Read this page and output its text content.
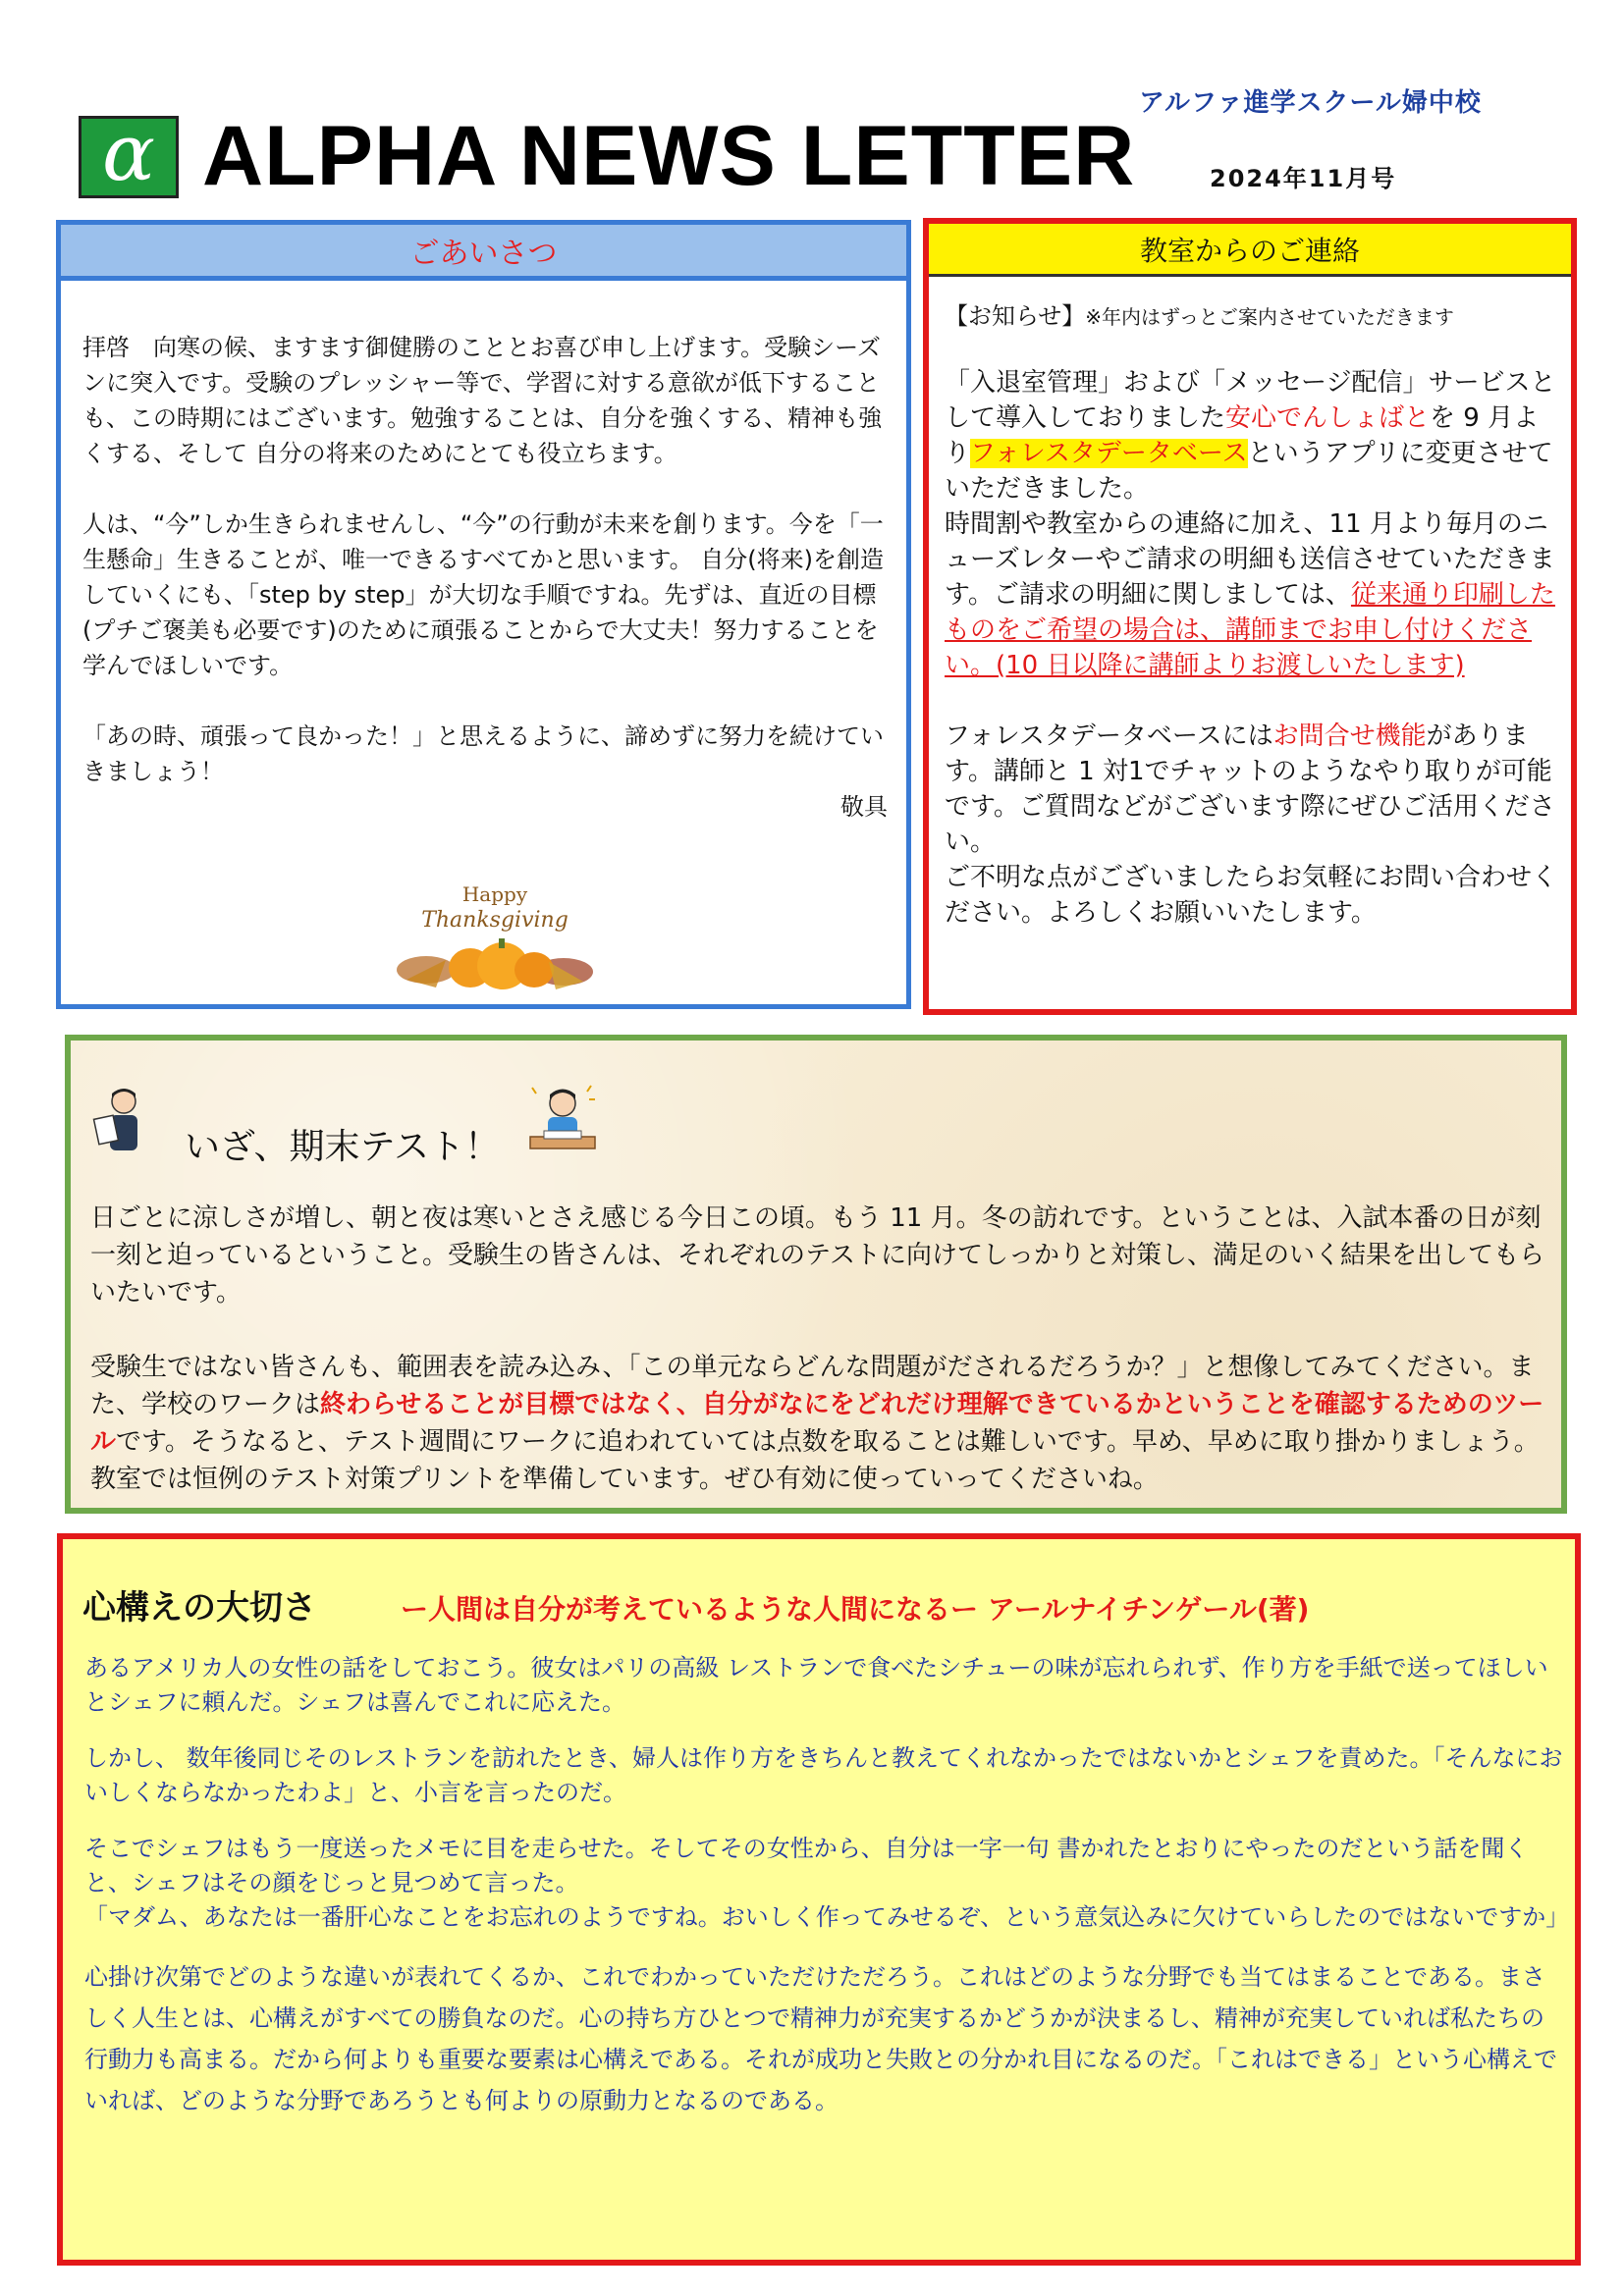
アルファ進学スクール婦中校
α ALPHA NEWS LETTER	2024年11月号
ごあいさつ

拝啓　向寒の候、ますます御健勝のこととお喜び申し上げます。受験シーズンに突入です。受験のプレッシャー等で、学習に対する意欲が低下することも、この時期にはございます。勉強することは、自分を強くする、精神も強くする、そして 自分の将来のためにとても役立ちます。

人は、“今”しか生きられませんし、“今”の行動が未来を創ります。今を「一生懸命」生きることが、唯一できるすべてかと思います。 自分(将来)を創造していくにも、「step by step」が大切な手順ですね。先ずは、直近の目標(プチご褒美も必要です)のために頑張ることからで大丈夫！努力することを学んでほしいです。

「あの時、頑張って良かった！」と思えるように、諦めずに努力を続けていきましょう！

敬具

Happy
Thanksgiving
教室からのご連絡
【お知らせ】※年内はずっとご案内させていただきます

「入退室管理」および「メッセージ配信」サービスとして導入しておりました安心でんしょばとを 9 月よりフォレスタデータベースというアプリに変更させていただきました。
時間割や教室からの連絡に加え、11 月より毎月のニューズレターやご請求の明細も送信させていただきます。ご請求の明細に関しましては、従来通り印刷したものをご希望の場合は、講師までお申し付けください。(10 日以降に講師よりお渡しいたします)

フォレスタデータベースにはお問合せ機能があります。講師と 1 対1でチャットのようなやり取りが可能です。ご質問などがございます際にぜひご活用ください。
ご不明な点がございましたらお気軽にお問い合わせください。よろしくお願いいたします。

いざ、期末テスト！

日ごとに涼しさが増し、朝と夜は寒いとさえ感じる今日この頃。もう 11 月。冬の訪れです。ということは、入試本番の日が刻一刻と迫っているということ。受験生の皆さんは、それぞれのテストに向けてしっかりと対策し、満足のいく結果を出してもらいたいです。

受験生ではない皆さんも、範囲表を読み込み、「この単元ならどんな問題がだされるだろうか？」と想像してみてください。また、学校のワークは終わらせることが目標ではなく、自分がなにをどれだけ理解できているかということを確認するためのツールです。そうなると、テスト週間にワークに追われていては点数を取ることは難しいです。早め、早めに取り掛かりましょう。教室では恒例のテスト対策プリントを準備しています。ぜひ有効に使っていってくださいね。

心構えの大切さ	ー人間は自分が考えているような人間になるー アールナイチンゲール(著)

あるアメリカ人の女性の話をしておこう。彼女はパリの高級 レストランで食べたシチューの味が忘れられず、作り方を手紙で送ってほしいとシェフに頼んだ。シェフは喜んでこれに応えた。

しかし、 数年後同じそのレストランを訪れたとき、婦人は作り方をきちんと教えてくれなかったではないかとシェフを責めた。「そんなにおいしくならなかったわよ」と、小言を言ったのだ。

そこでシェフはもう一度送ったメモに目を走らせた。そしてその女性から、自分は一字一句 書かれたとおりにやったのだという話を聞くと、シェフはその顔をじっと見つめて言った。
「マダム、あなたは一番肝心なことをお忘れのようですね。おいしく作ってみせるぞ、という意気込みに欠けていらしたのではないですか」

心掛け次第でどのような違いが表れてくるか、これでわかっていただけただろう。これはどのような分野でも当てはまることである。まさしく人生とは、心構えがすべての勝負なのだ。心の持ち方ひとつで精神力が充実するかどうかが決まるし、精神が充実していれば私たちの行動力も高まる。だから何よりも重要な要素は心構えである。それが成功と失敗との分かれ目になるのだ。「これはできる」という心構えでいれば、どのような分野であろうとも何よりの原動力となるのである。
